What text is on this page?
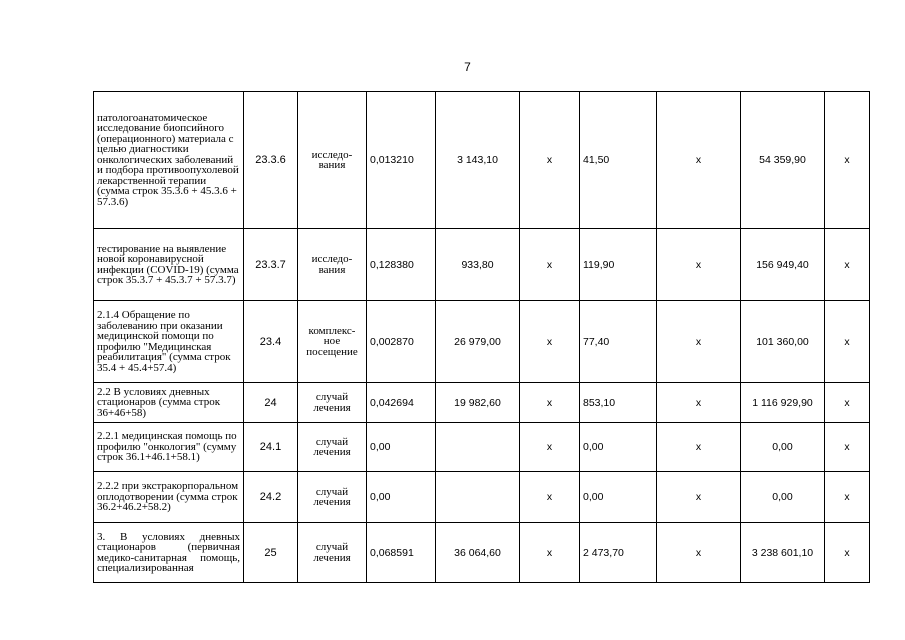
7
патологоанатомическое исследование биопсийного (операционного) материала с целью диагностики онкологических заболеваний и подбора противоопухолевой лекарственной терапии (сумма строк 35.3.6 + 45.3.6 + 57.3.6)	23.3.6	исследо-вания	0,013210	3 143,10	х	41,50	х	54 359,90	х
тестирование на выявление новой коронавирусной инфекции (COVID-19) (сумма строк 35.3.7 + 45.3.7 + 57.3.7)	23.3.7	исследо-вания	0,128380	933,80	х	119,90	х	156 949,40	х
2.1.4 Обращение по заболеванию при оказании медицинской помощи по профилю "Медицинская реабилитация" (сумма строк 35.4 + 45.4+57.4)	23.4	комплекс-ное посещение	0,002870	26 979,00	х	77,40	х	101 360,00	х
2.2 В условиях дневных стационаров (сумма строк 36+46+58)	24	случай лечения	0,042694	19 982,60	х	853,10	х	1 116 929,90	х
2.2.1 медицинская помощь по профилю "онкология" (сумму строк 36.1+46.1+58.1)	24.1	случай лечения	0,00		х	0,00	х	0,00	х
2.2.2 при экстракорпоральном оплодотворении (сумма строк 36.2+46.2+58.2)	24.2	случай лечения	0,00		х	0,00	х	0,00	х
3. В условиях дневных стационаров (первичная медико-санитарная помощь, специализированная	25	случай лечения	0,068591	36 064,60	х	2 473,70	х	3 238 601,10	х
